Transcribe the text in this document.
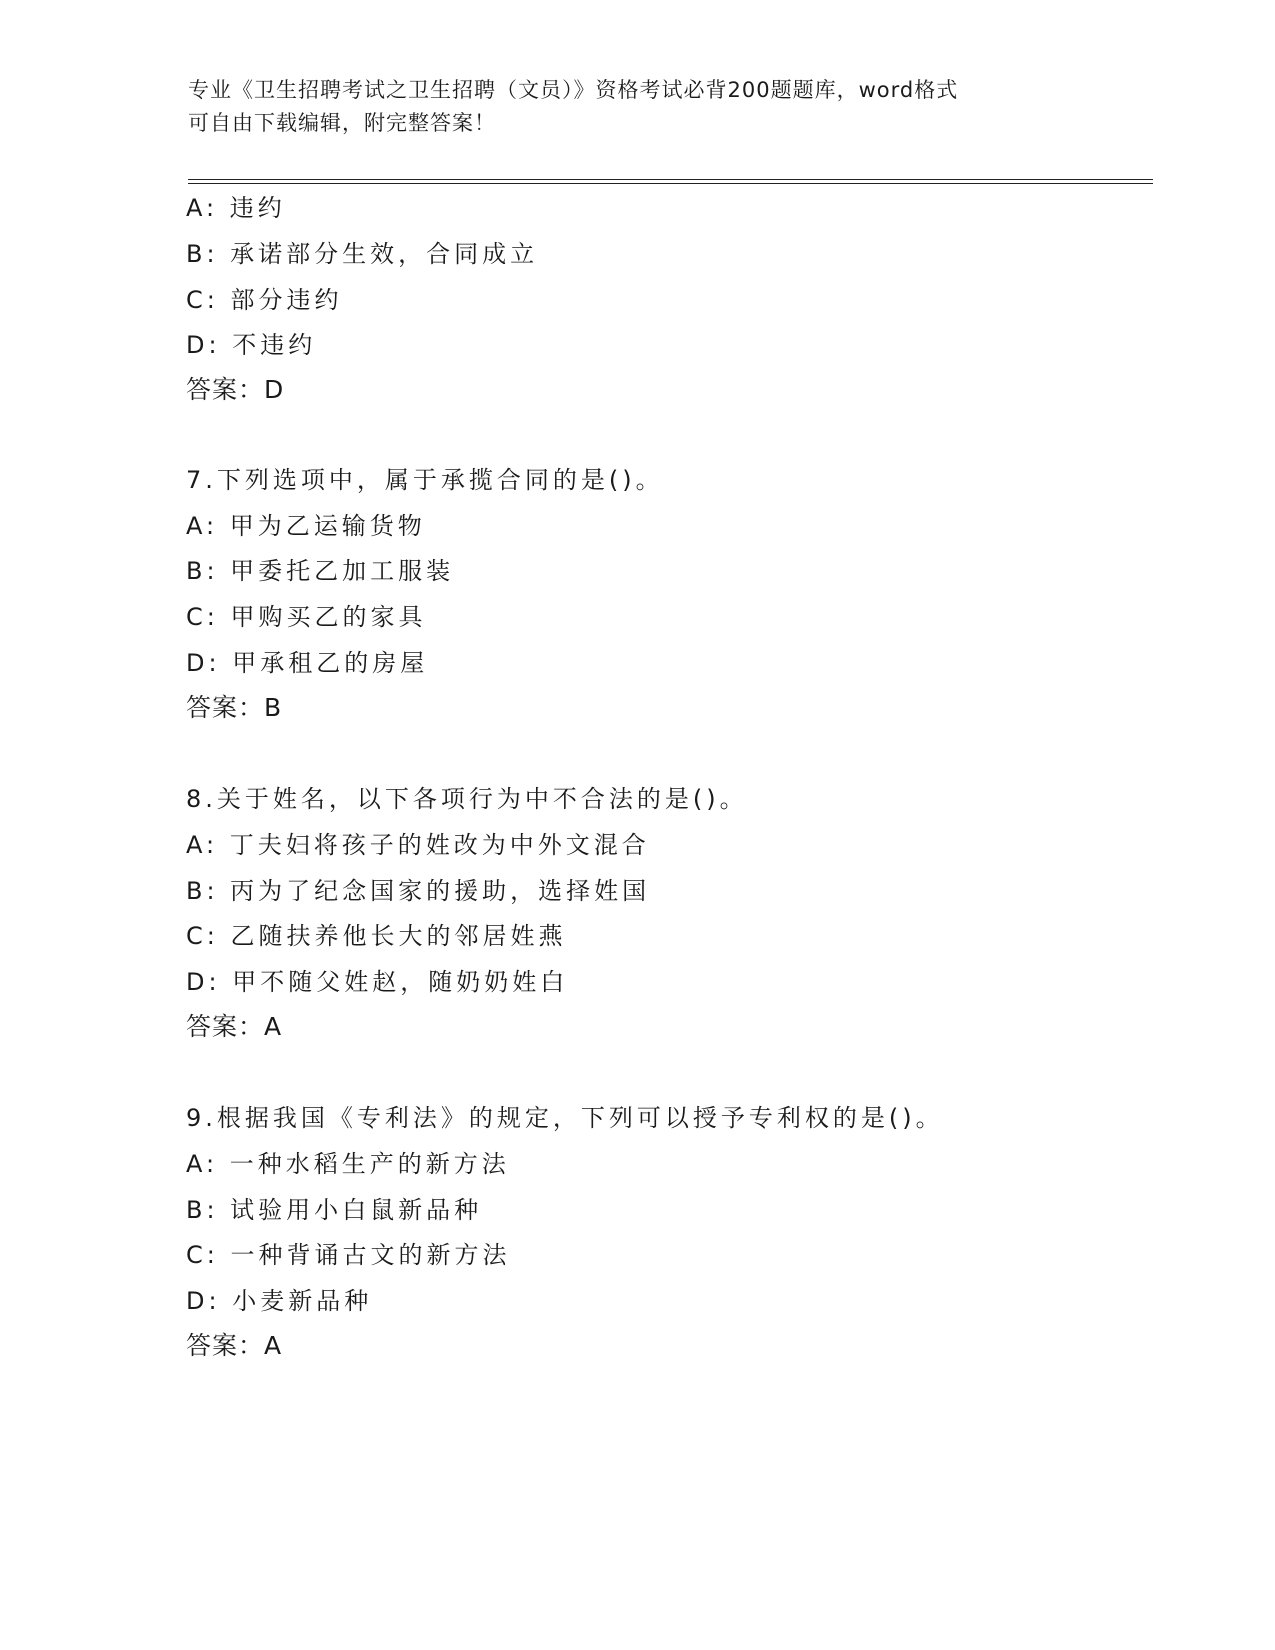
专业《卫生招聘考试之卫生招聘（文员）》资格考试必背200题题库，word格式
可自由下载编辑，附完整答案！

A: 违约

B: 承诺部分生效，合同成立

C: 部分违约

D: 不违约

答案：D

7.下列选项中，属于承揽合同的是()。

A: 甲为乙运输货物

B: 甲委托乙加工服装

C: 甲购买乙的家具

D: 甲承租乙的房屋

答案：B

8.关于姓名，以下各项行为中不合法的是()。

A: 丁夫妇将孩子的姓改为中外文混合

B: 丙为了纪念国家的援助，选择姓国

C: 乙随扶养他长大的邻居姓燕

D: 甲不随父姓赵，随奶奶姓白

答案：A

9.根据我国《专利法》的规定，下列可以授予专利权的是()。

A: 一种水稻生产的新方法

B: 试验用小白鼠新品种

C: 一种背诵古文的新方法

D: 小麦新品种

答案：A
